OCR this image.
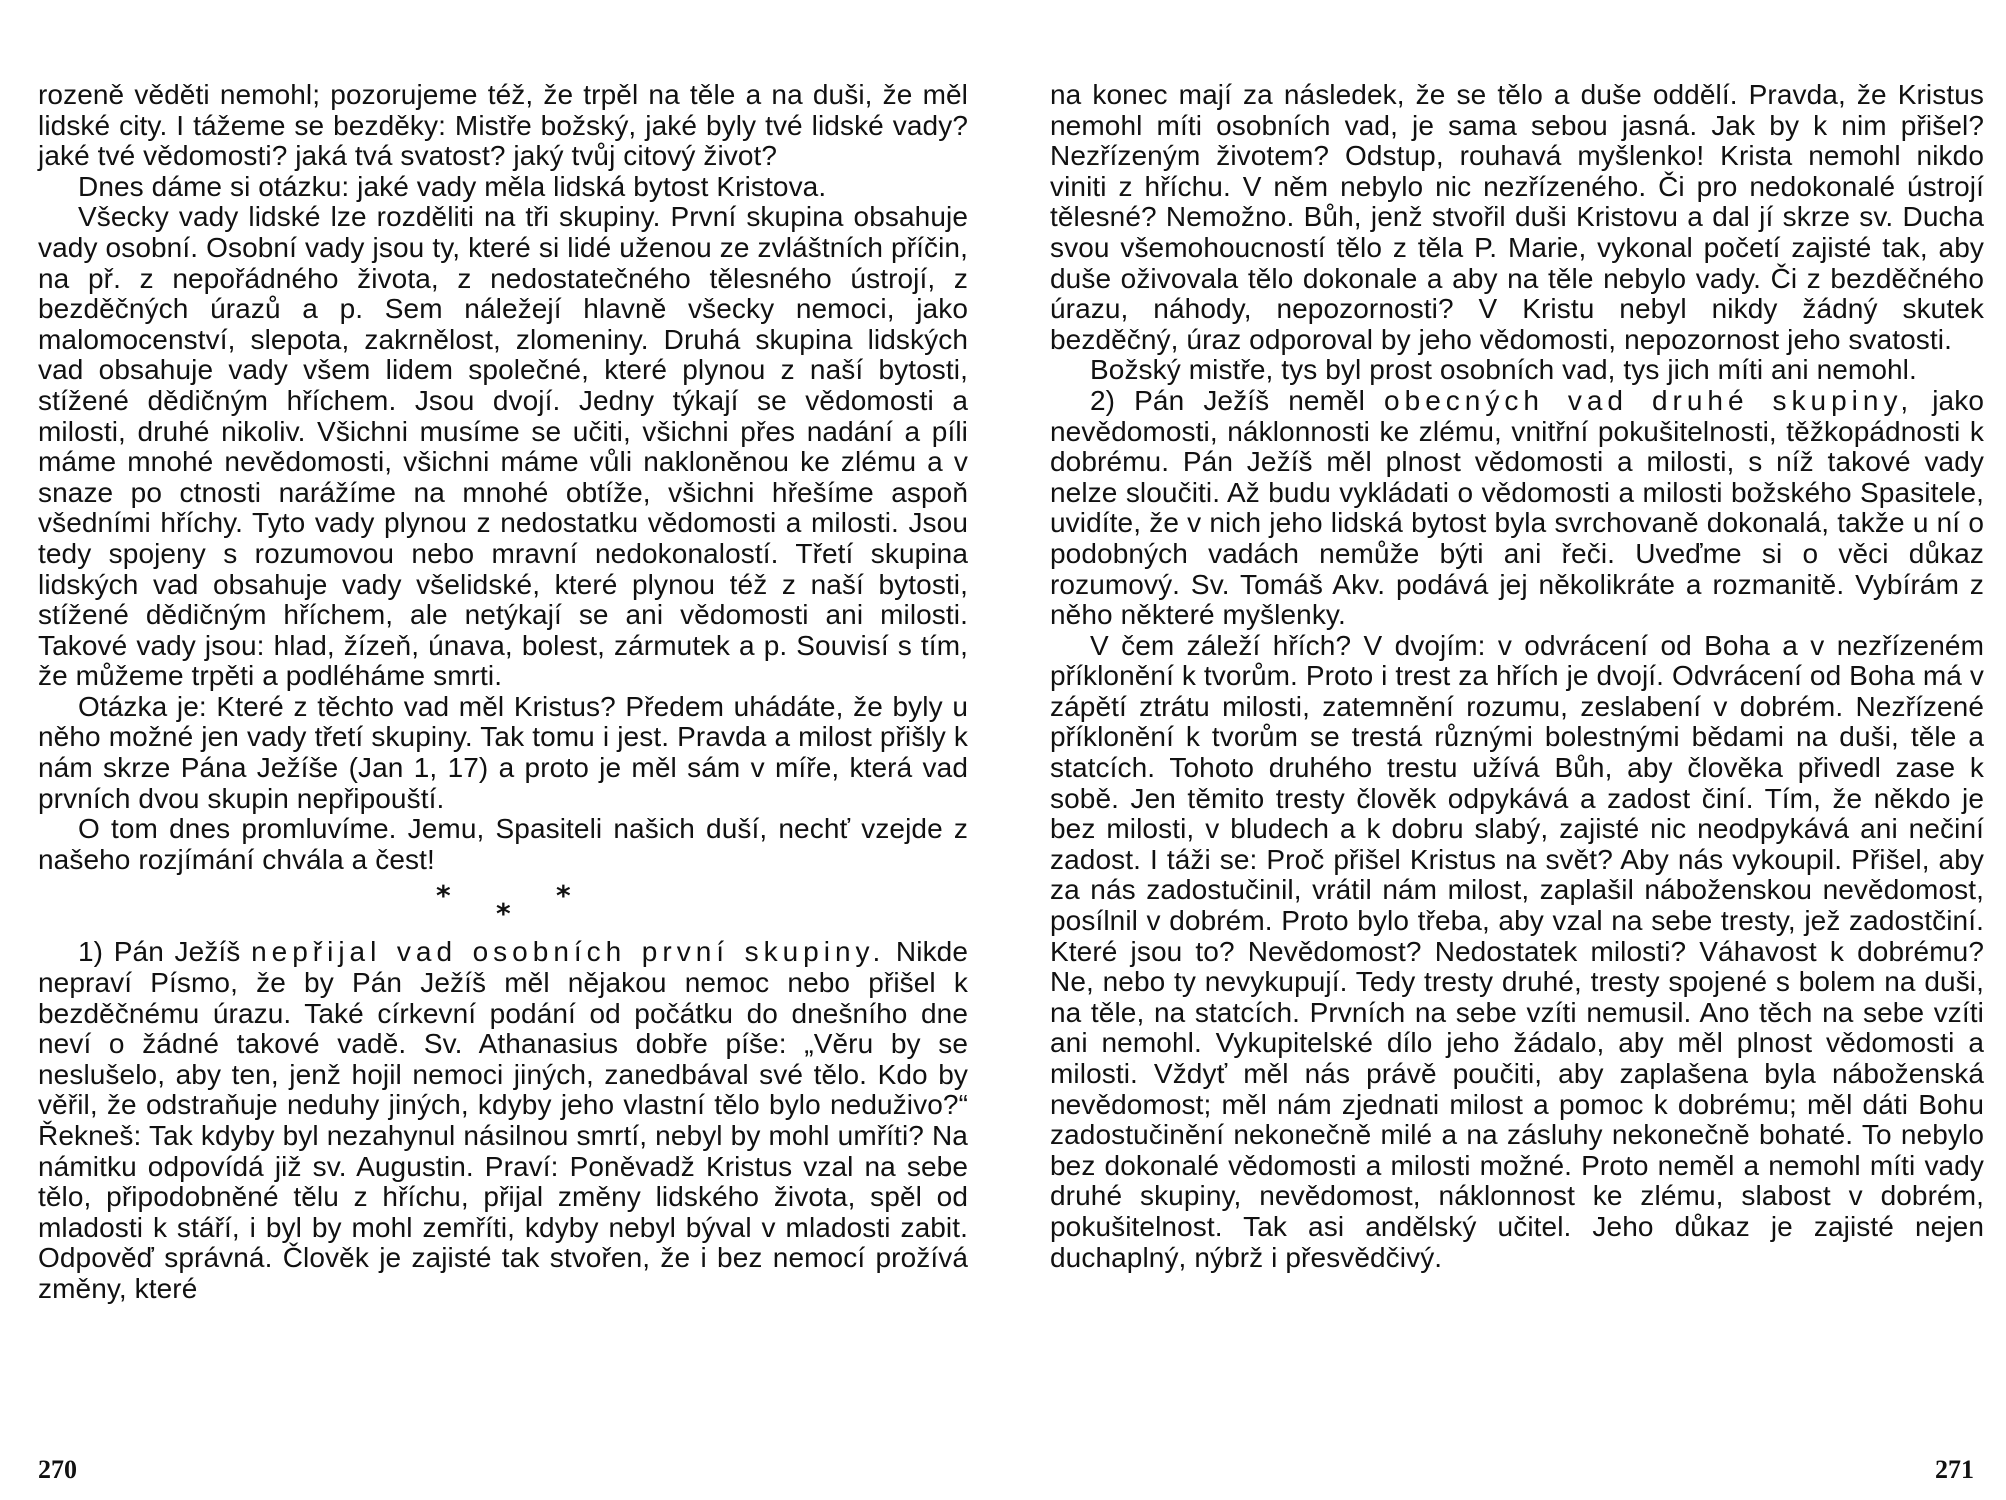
rozeně věděti nemohl; pozorujeme též, že trpěl na těle a na duši, že měl lidské city. I tážeme se bezděky: Mistře božský, jaké byly tvé lidské vady? jaké tvé vědomosti? jaká tvá svatost? jaký tvůj citový život?

Dnes dáme si otázku: jaké vady měla lidská bytost Kristova.

Všecky vady lidské lze rozděliti na tři skupiny. První skupina obsahuje vady osobní. Osobní vady jsou ty, které si lidé uženou ze zvláštních příčin, na př. z nepořádného života, z nedostatečného tělesného ústrojí, z bezděčných úrazů a p. Sem náležejí hlavně všecky nemoci, jako malomocenství, slepota, zakrnělost, zlomeniny. Druhá skupina lidských vad obsahuje vady všem lidem společné, které plynou z naší bytosti, stížené dědičným hříchem. Jsou dvojí. Jedny týkají se vědomosti a milosti, druhé nikoliv. Všichni musíme se učiti, všichni přes nadání a píli máme mnohé nevědomosti, všichni máme vůli nakloněnou ke zlému a v snaze po ctnosti narážíme na mnohé obtíže, všichni hřešíme aspoň všedními hříchy. Tyto vady plynou z nedostatku vědomosti a milosti. Jsou tedy spojeny s rozumovou nebo mravní nedokonalostí. Třetí skupina lidských vad obsahuje vady všelidské, které plynou též z naší bytosti, stížené dědičným hříchem, ale netýkají se ani vědomosti ani milosti. Takové vady jsou: hlad, žízeň, únava, bolest, zármutek a p. Souvisí s tím, že můžeme trpěti a podléháme smrti.

Otázka je: Které z těchto vad měl Kristus? Předem uhádáte, že byly u něho možné jen vady třetí skupiny. Tak tomu i jest. Pravda a milost přišly k nám skrze Pána Ježíše (Jan 1, 17) a proto je měl sám v míře, která vad prvních dvou skupin nepřipouští.

O tom dnes promluvíme. Jemu, Spasiteli našich duší, nechť vzejde z našeho rozjímání chvála a čest!

*
*
*

1) Pán Ježíš nepřijal vad osobních první skupiny. Nikde nepraví Písmo, že by Pán Ježíš měl nějakou nemoc nebo přišel k bezděčnému úrazu. Také církevní podání od počátku do dnešního dne neví o žádné takové vadě. Sv. Athanasius dobře píše: „Věru by se neslušelo, aby ten, jenž hojil nemoci jiných, zanedbával své tělo. Kdo by věřil, že odstraňuje neduhy jiných, kdyby jeho vlastní tělo bylo neduživo?“ Řekneš: Tak kdyby byl nezahynul násilnou smrtí, nebyl by mohl umříti? Na námitku odpovídá již sv. Augustin. Praví: Poněvadž Kristus vzal na sebe tělo, připodobněné tělu z hříchu, přijal změny lidského života, spěl od mladosti k stáří, i byl by mohl zemříti, kdyby nebyl býval v mladosti zabit. Odpověď správná. Člověk je zajisté tak stvořen, že i bez nemocí prožívá změny, které

270

na konec mají za následek, že se tělo a duše oddělí. Pravda, že Kristus nemohl míti osobních vad, je sama sebou jasná. Jak by k nim přišel? Nezřízeným životem? Odstup, rouhavá myšlenko! Krista nemohl nikdo viniti z hříchu. V něm nebylo nic nezřízeného. Či pro nedokonalé ústrojí tělesné? Nemožno. Bůh, jenž stvořil duši Kristovu a dal jí skrze sv. Ducha svou všemohoucností tělo z těla P. Marie, vykonal početí zajisté tak, aby duše oživovala tělo dokonale a aby na těle nebylo vady. Či z bezděčného úrazu, náhody, nepozornosti? V Kristu nebyl nikdy žádný skutek bezděčný, úraz odporoval by jeho vědomosti, nepozornost jeho svatosti.

Božský mistře, tys byl prost osobních vad, tys jich míti ani nemohl.

2) Pán Ježíš neměl obecných vad druhé skupiny, jako nevědomosti, náklonnosti ke zlému, vnitřní pokušitelnosti, těžkopádnosti k dobrému. Pán Ježíš měl plnost vědomosti a milosti, s níž takové vady nelze sloučiti. Až budu vykládati o vědomosti a milosti božského Spasitele, uvidíte, že v nich jeho lidská bytost byla svrchovaně dokonalá, takže u ní o podobných vadách nemůže býti ani řeči. Uveďme si o věci důkaz rozumový. Sv. Tomáš Akv. podává jej několikráte a rozmanitě. Vybírám z něho některé myšlenky.

V čem záleží hřích? V dvojím: v odvrácení od Boha a v nezřízeném příklonění k tvorům. Proto i trest za hřích je dvojí. Odvrácení od Boha má v zápětí ztrátu milosti, zatemnění rozumu, zeslabení v dobrém. Nezřízené příklonění k tvorům se trestá různými bolestnými bědami na duši, těle a statcích. Tohoto druhého trestu užívá Bůh, aby člověka přivedl zase k sobě. Jen těmito tresty člověk odpykává a zadost činí. Tím, že někdo je bez milosti, v bludech a k dobru slabý, zajisté nic neodpykává ani nečiní zadost. I táži se: Proč přišel Kristus na svět? Aby nás vykoupil. Přišel, aby za nás zadostučinil, vrátil nám milost, zaplašil náboženskou nevědomost, posílnil v dobrém. Proto bylo třeba, aby vzal na sebe tresty, jež zadostčiní. Které jsou to? Nevědomost? Nedostatek milosti? Váhavost k dobrému? Ne, nebo ty nevykupují. Tedy tresty druhé, tresty spojené s bolem na duši, na těle, na statcích. Prvních na sebe vzíti nemusil. Ano těch na sebe vzíti ani nemohl. Vykupitelské dílo jeho žádalo, aby měl plnost vědomosti a milosti. Vždyť měl nás právě poučiti, aby zaplašena byla náboženská nevědomost; měl nám zjednati milost a pomoc k dobrému; měl dáti Bohu zadostučinění nekonečně milé a na zásluhy nekonečně bohaté. To nebylo bez dokonalé vědomosti a milosti možné. Proto neměl a nemohl míti vady druhé skupiny, nevědomost, náklonnost ke zlému, slabost v dobrém, pokušitelnost. Tak asi andělský učitel. Jeho důkaz je zajisté nejen duchaplný, nýbrž i přesvědčivý.

271
